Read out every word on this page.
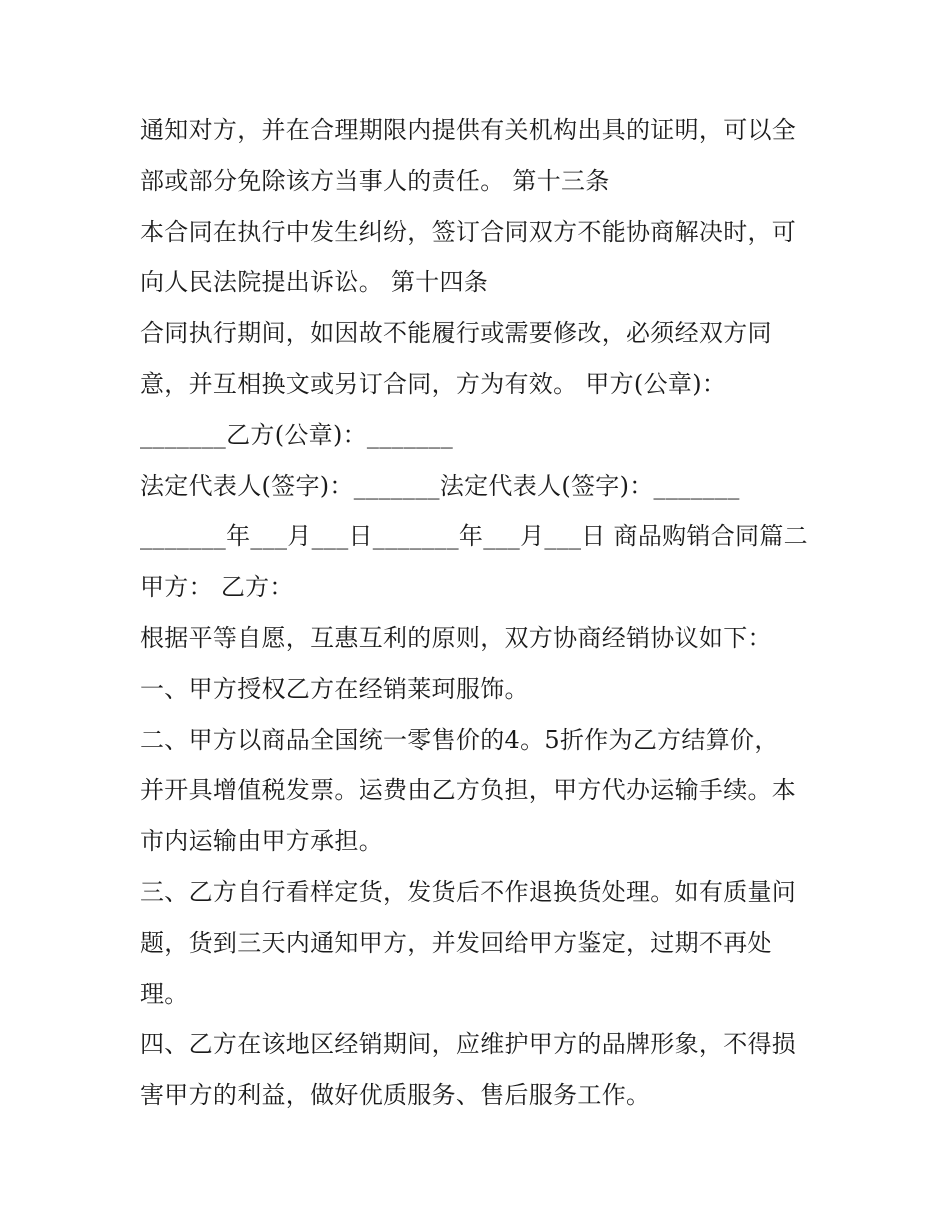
通知对方，并在合理期限内提供有关机构出具的证明，可以全
部或部分免除该方当事人的责任。 第十三条
本合同在执行中发生纠纷，签订合同双方不能协商解决时，可
向人民法院提出诉讼。 第十四条
合同执行期间，如因故不能履行或需要修改，必须经双方同
意，并互相换文或另订合同，方为有效。 甲方(公章)：
_______乙方(公章)：_______
法定代表人(签字)：_______法定代表人(签字)：_______
_______年___月___日_______年___月___日 商品购销合同篇二
甲方： 乙方：
根据平等自愿，互惠互利的原则，双方协商经销协议如下：
一、甲方授权乙方在经销莱珂服饰。
二、甲方以商品全国统一零售价的4。5折作为乙方结算价，
并开具增值税发票。运费由乙方负担，甲方代办运输手续。本
市内运输由甲方承担。
三、乙方自行看样定货，发货后不作退换货处理。如有质量问
题，货到三天内通知甲方，并发回给甲方鉴定，过期不再处
理。
四、乙方在该地区经销期间，应维护甲方的品牌形象，不得损
害甲方的利益，做好优质服务、售后服务工作。
